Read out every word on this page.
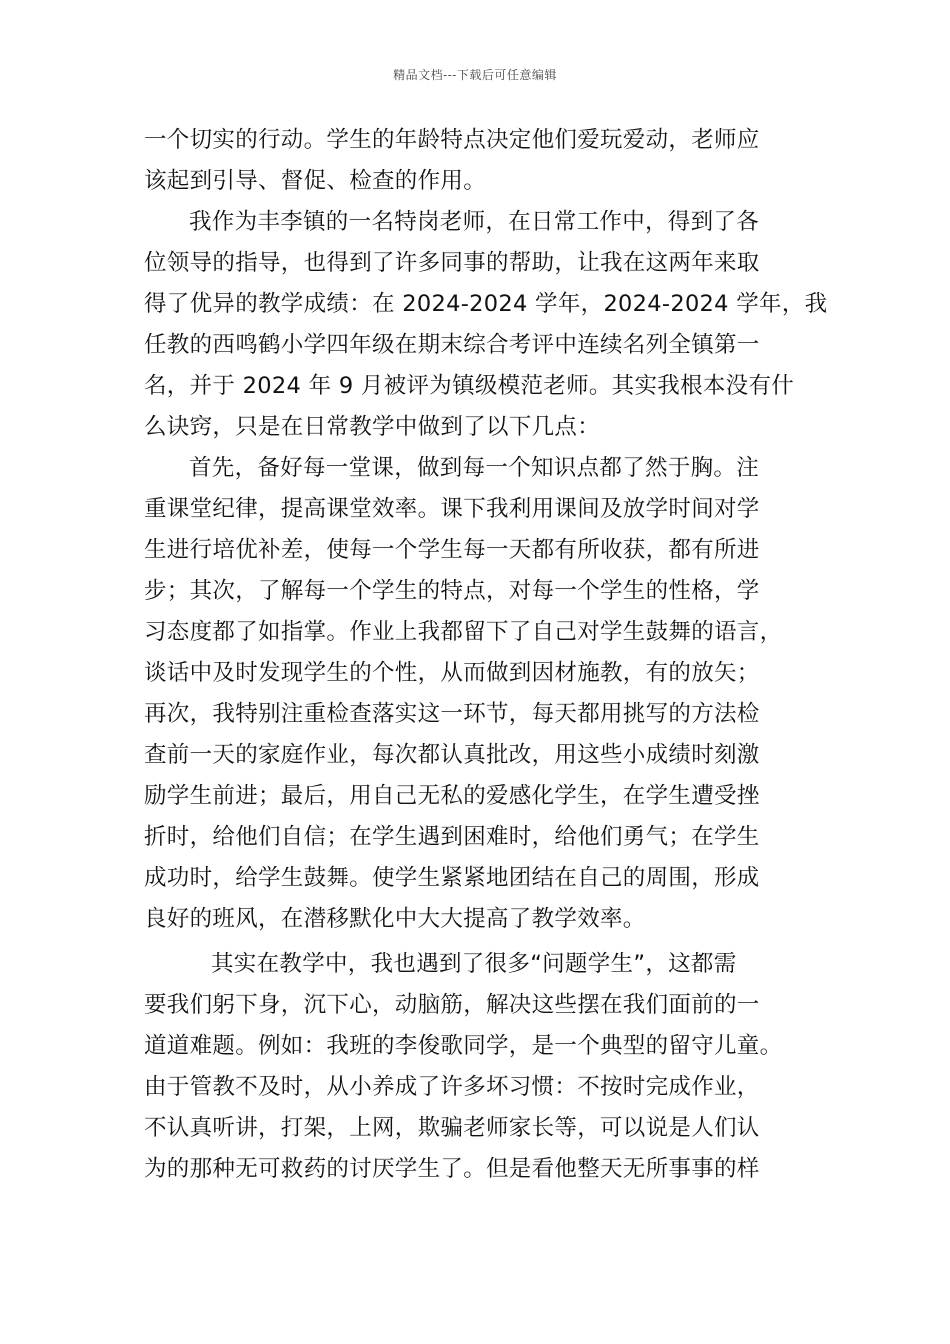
精品文档---下载后可任意编辑
一个切实的行动。学生的年龄特点决定他们爱玩爱动，老师应
该起到引导、督促、检查的作用。
我作为丰李镇的一名特岗老师，在日常工作中，得到了各
位领导的指导，也得到了许多同事的帮助，让我在这两年来取
得了优异的教学成绩：在 2024-2024 学年，2024-2024 学年，我
任教的西鸣鹤小学四年级在期末综合考评中连续名列全镇第一
名，并于 2024 年 9 月被评为镇级模范老师。其实我根本没有什
么诀窍，只是在日常教学中做到了以下几点：
首先，备好每一堂课，做到每一个知识点都了然于胸。注
重课堂纪律，提高课堂效率。课下我利用课间及放学时间对学
生进行培优补差，使每一个学生每一天都有所收获，都有所进
步；其次，了解每一个学生的特点，对每一个学生的性格，学
习态度都了如指掌。作业上我都留下了自己对学生鼓舞的语言，
谈话中及时发现学生的个性，从而做到因材施教，有的放矢；
再次，我特别注重检查落实这一环节，每天都用挑写的方法检
查前一天的家庭作业，每次都认真批改，用这些小成绩时刻激
励学生前进；最后，用自己无私的爱感化学生，在学生遭受挫
折时，给他们自信；在学生遇到困难时，给他们勇气；在学生
成功时，给学生鼓舞。使学生紧紧地团结在自己的周围，形成
良好的班风，在潜移默化中大大提高了教学效率。
其实在教学中，我也遇到了很多“问题学生”，这都需
要我们躬下身，沉下心，动脑筋，解决这些摆在我们面前的一
道道难题。例如：我班的李俊歌同学，是一个典型的留守儿童。
由于管教不及时，从小养成了许多坏习惯：不按时完成作业，
不认真听讲，打架，上网，欺骗老师家长等，可以说是人们认
为的那种无可救药的讨厌学生了。但是看他整天无所事事的样
